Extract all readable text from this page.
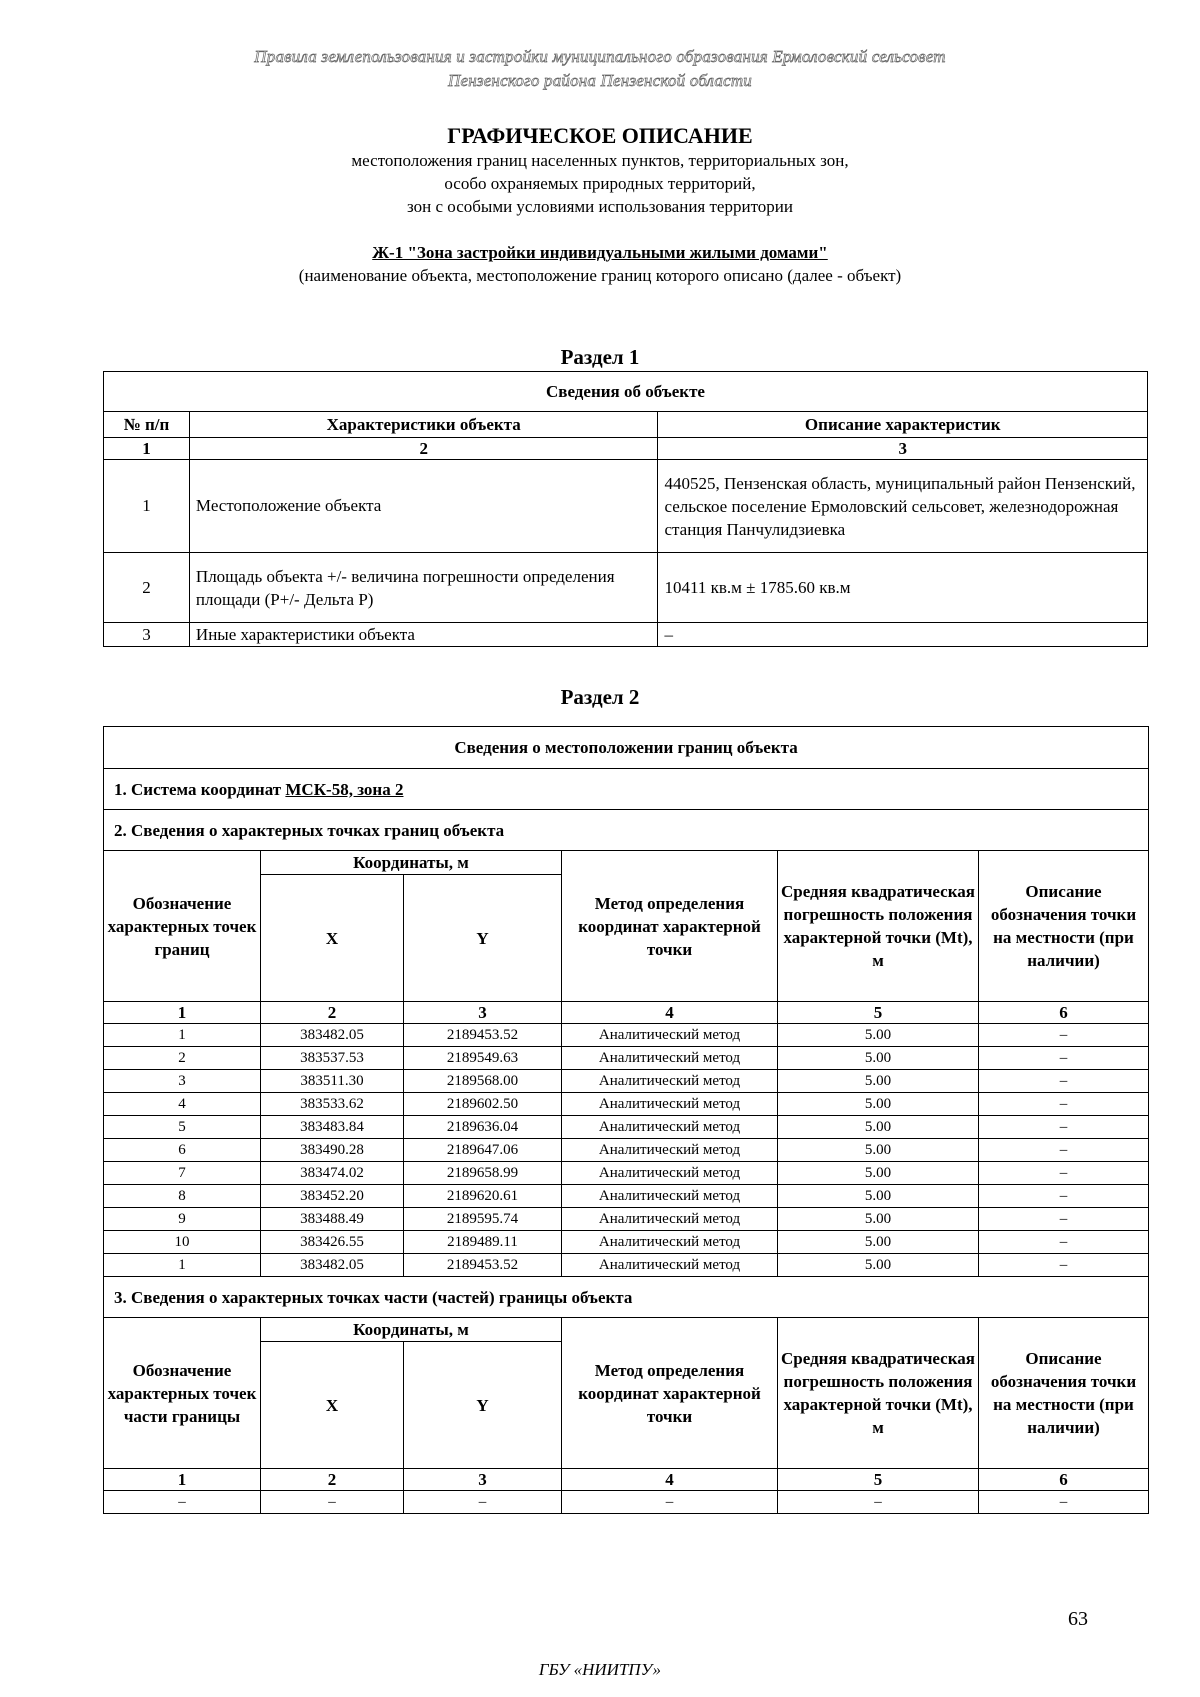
Правила землепользования и застройки муниципального образования Ермоловский сельсовет
Пензенского района Пензенской области
ГРАФИЧЕСКОЕ ОПИСАНИЕ
местоположения границ населенных пунктов, территориальных зон,
особо охраняемых природных территорий,
зон с особыми условиями использования территории
Ж-1 "Зона застройки индивидуальными жилыми домами"
(наименование объекта, местоположение границ которого описано (далее - объект)
Раздел 1
Сведения об объекте		
№ п/п	Характеристики объекта	Описание характеристик
1	2	3
1	Местоположение объекта	440525, Пензенская область, муниципальный район Пензенский, сельское поселение Ермоловский сельсовет, железнодорожная станция Панчулидзиевка
2	Площадь объекта +/- величина погрешности определения площади (P+/- Дельта P)	10411 кв.м ± 1785.60 кв.м
3	Иные характеристики объекта	–
Раздел 2
Сведения о местоположении границ объекта					
1. Система координат МСК-58, зона 2					
2. Сведения о характерных точках границ объекта					
Обозначение характерных точек границ	Координаты, м		Метод определения координат характерной точки	Средняя квадратическая погрешность положения характерной точки (Mt), м	Описание обозначения точки на местности (при наличии)
	X	Y			
1	2	3	4	5	6
1	383482.05	2189453.52	Аналитический метод	5.00	–
2	383537.53	2189549.63	Аналитический метод	5.00	–
3	383511.30	2189568.00	Аналитический метод	5.00	–
4	383533.62	2189602.50	Аналитический метод	5.00	–
5	383483.84	2189636.04	Аналитический метод	5.00	–
6	383490.28	2189647.06	Аналитический метод	5.00	–
7	383474.02	2189658.99	Аналитический метод	5.00	–
8	383452.20	2189620.61	Аналитический метод	5.00	–
9	383488.49	2189595.74	Аналитический метод	5.00	–
10	383426.55	2189489.11	Аналитический метод	5.00	–
1	383482.05	2189453.52	Аналитический метод	5.00	–
3. Сведения о характерных точках части (частей) границы объекта					
Обозначение характерных точек части границы	Координаты, м		Метод определения координат характерной точки	Средняя квадратическая погрешность положения характерной точки (Mt), м	Описание обозначения точки на местности (при наличии)
	X	Y			
1	2	3	4	5	6
–	–	–	–	–	–
63
ГБУ «НИИТПУ»
